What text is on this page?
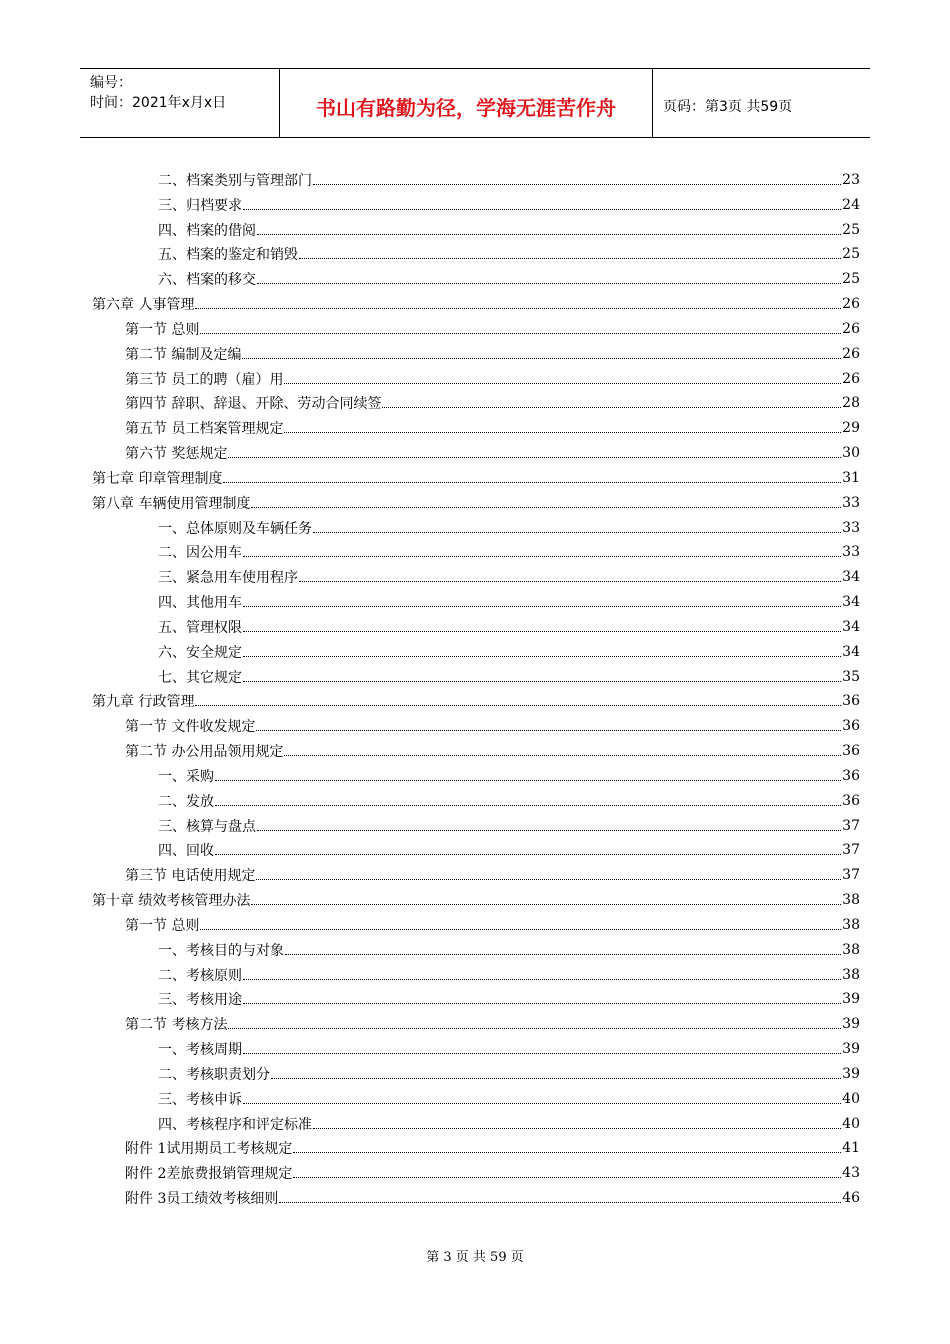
编号：
时间：2021年x月x日	书山有路勤为径，学海无涯苦作舟	页码：第3页 共59页
二、档案类别与管理部门	23
三、归档要求	24
四、档案的借阅	25
五、档案的鉴定和销毁	25
六、档案的移交	25
第六章 人事管理	26
第一节 总则	26
第二节 编制及定编	26
第三节 员工的聘（雇）用	26
第四节 辞职、辞退、开除、劳动合同续签	28
第五节 员工档案管理规定	29
第六节 奖惩规定	30
第七章 印章管理制度	31
第八章 车辆使用管理制度	33
一、总体原则及车辆任务	33
二、因公用车	33
三、紧急用车使用程序	34
四、其他用车	34
五、管理权限	34
六、安全规定	34
七、其它规定	35
第九章 行政管理	36
第一节 文件收发规定	36
第二节 办公用品领用规定	36
一、采购	36
二、发放	36
三、核算与盘点	37
四、回收	37
第三节 电话使用规定	37
第十章 绩效考核管理办法	38
第一节 总则	38
一、考核目的与对象	38
二、考核原则	38
三、考核用途	39
第二节 考核方法	39
一、考核周期	39
二、考核职责划分	39
三、考核申诉	40
四、考核程序和评定标准	40
附件 1试用期员工考核规定	41
附件 2差旅费报销管理规定	43
附件 3员工绩效考核细则	46
第 3 页 共 59 页
